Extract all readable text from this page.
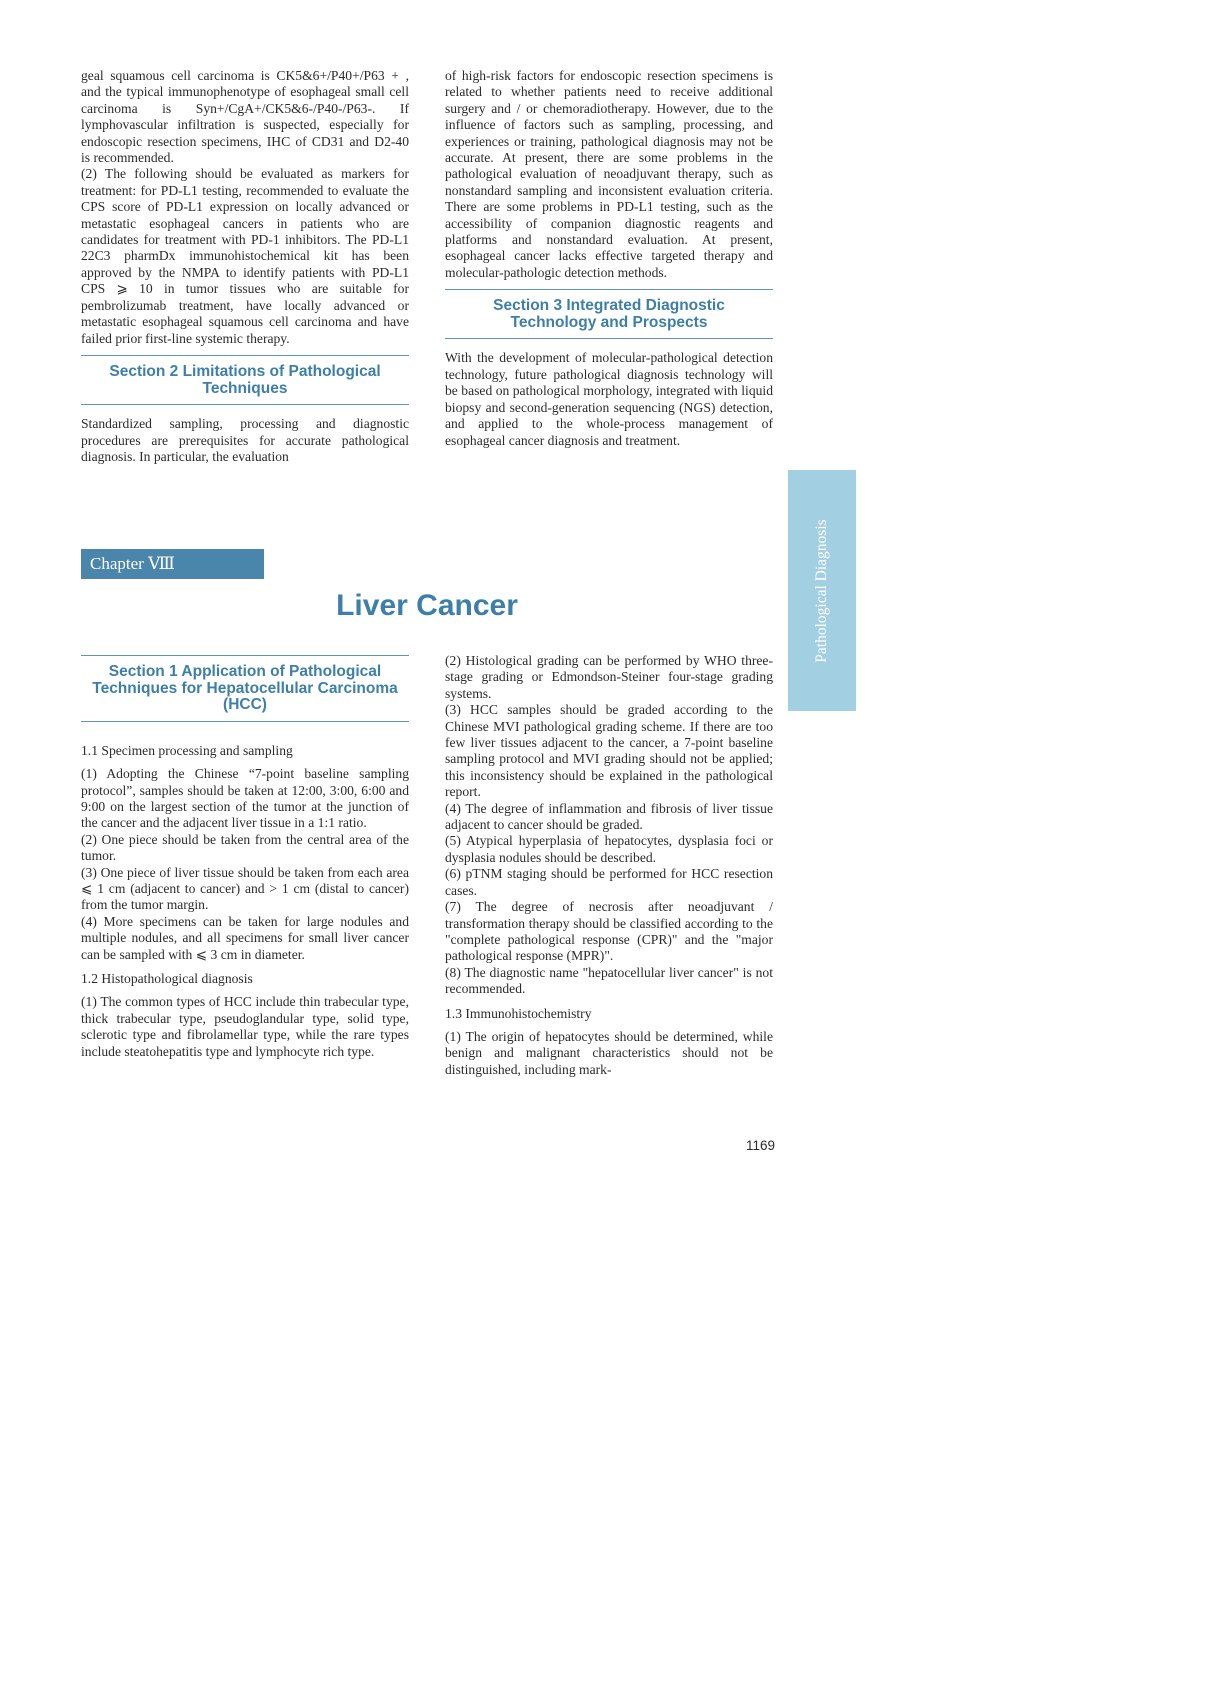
geal squamous cell carcinoma is CK5&6+/P40+/P63 + , and the typical immunophenotype of esophageal small cell carcinoma is Syn+/CgA+/CK5&6-/P40-/P63-. If lymphovascular infiltration is suspected, especially for endoscopic resection specimens, IHC of CD31 and D2-40 is recommended.

(2) The following should be evaluated as markers for treatment: for PD-L1 testing, recommended to evaluate the CPS score of PD-L1 expression on locally advanced or metastatic esophageal cancers in patients who are candidates for treatment with PD-1 inhibitors. The PD-L1 22C3 pharmDx immunohistochemical kit has been approved by the NMPA to identify patients with PD-L1 CPS ⩾ 10 in tumor tissues who are suitable for pembrolizumab treatment, have locally advanced or metastatic esophageal squamous cell carcinoma and have failed prior first-line systemic therapy.

Section 2 Limitations of Pathological Techniques

Standardized sampling, processing and diagnostic procedures are prerequisites for accurate pathological diagnosis. In particular, the evaluation

of high-risk factors for endoscopic resection specimens is related to whether patients need to receive additional surgery and / or chemoradiotherapy. However, due to the influence of factors such as sampling, processing, and experiences or training, pathological diagnosis may not be accurate. At present, there are some problems in the pathological evaluation of neoadjuvant therapy, such as nonstandard sampling and inconsistent evaluation criteria. There are some problems in PD-L1 testing, such as the accessibility of companion diagnostic reagents and platforms and nonstandard evaluation. At present, esophageal cancer lacks effective targeted therapy and molecular-pathologic detection methods.

Section 3 Integrated Diagnostic Technology and Prospects

With the development of molecular-pathological detection technology, future pathological diagnosis technology will be based on pathological morphology, integrated with liquid biopsy and second-generation sequencing (NGS) detection, and applied to the whole-process management of esophageal cancer diagnosis and treatment.

Chapter Ⅷ
Liver Cancer	Pathological Diagnosis
Section 1 Application of Pathological Techniques for Hepatocellular Carcinoma (HCC)
1.1 Specimen processing and sampling

(1) Adopting the Chinese “7-point baseline sampling protocol”, samples should be taken at 12:00, 3:00, 6:00 and 9:00 on the largest section of the tumor at the junction of the cancer and the adjacent liver tissue in a 1:1 ratio.

(2) One piece should be taken from the central area of the tumor.

(3) One piece of liver tissue should be taken from each area ⩽ 1 cm (adjacent to cancer) and > 1 cm (distal to cancer) from the tumor margin.

(4) More specimens can be taken for large nodules and multiple nodules, and all specimens for small liver cancer can be sampled with ⩽ 3 cm in diameter.

1.2 Histopathological diagnosis

(1) The common types of HCC include thin trabecular type, thick trabecular type, pseudoglandular type, solid type, sclerotic type and fibrolamellar type, while the rare types include steatohepatitis type and lymphocyte rich type.

(2) Histological grading can be performed by WHO three-stage grading or Edmondson-Steiner four-stage grading systems.

(3) HCC samples should be graded according to the Chinese MVI pathological grading scheme. If there are too few liver tissues adjacent to the cancer, a 7-point baseline sampling protocol and MVI grading should not be applied; this inconsistency should be explained in the pathological report.

(4) The degree of inflammation and fibrosis of liver tissue adjacent to cancer should be graded.

(5) Atypical hyperplasia of hepatocytes, dysplasia foci or dysplasia nodules should be described.

(6) pTNM staging should be performed for HCC resection cases.

(7) The degree of necrosis after neoadjuvant / transformation therapy should be classified according to the "complete pathological response (CPR)" and the "major pathological response (MPR)".

(8) The diagnostic name "hepatocellular liver cancer" is not recommended.

1.3 Immunohistochemistry

(1) The origin of hepatocytes should be determined, while benign and malignant characteristics should not be distinguished, including mark-

1169
